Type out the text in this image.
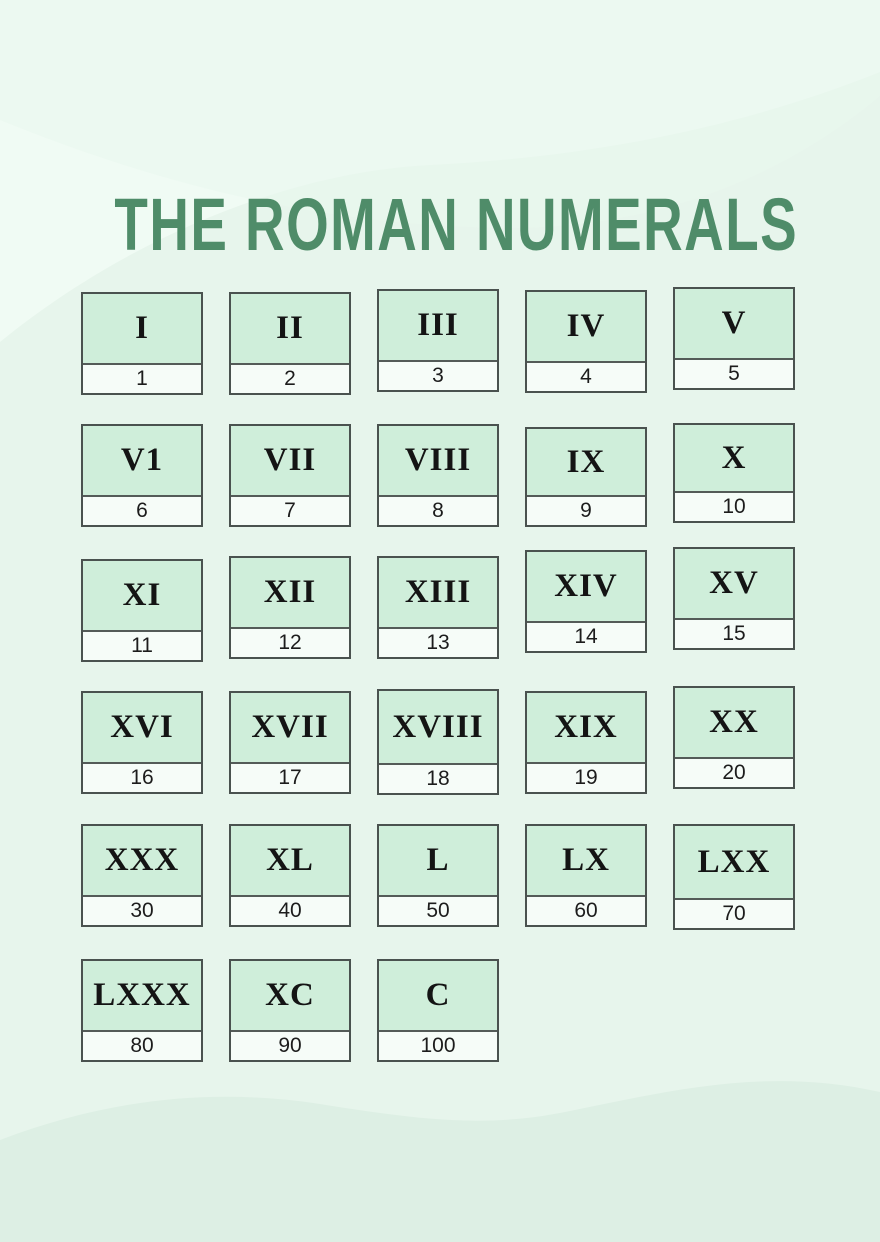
THE ROMAN NUMERALS
I
1
II
2
III
3
IV
4
V
5
V1
6
VII
7
VIII
8
IX
9
X
10
XI
11
XII
12
XIII
13
XIV
14
XV
15
XVI
16
XVII
17
XVIII
18
XIX
19
XX
20
XXX
30
XL
40
L
50
LX
60
LXX
70
LXXX
80
XC
90
C
100
